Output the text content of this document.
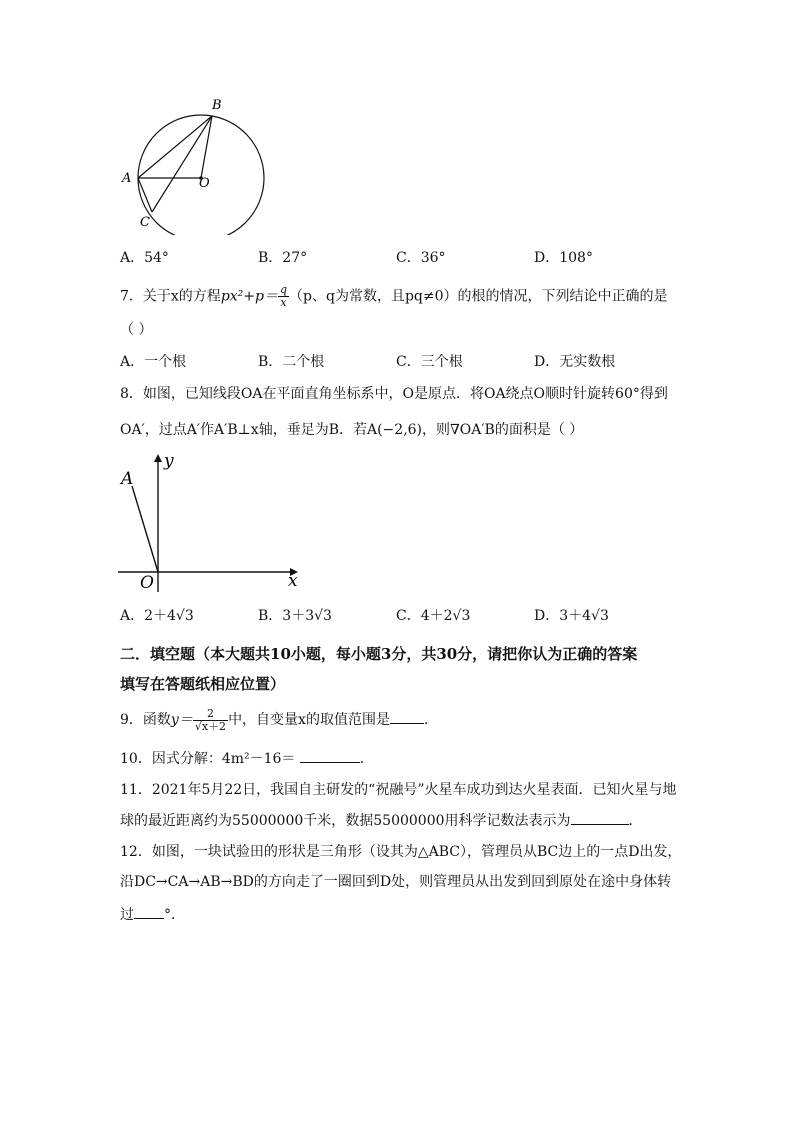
B
A	O
C
A．54°	B．27°	C．36°	D．108°
7．关于x的方程$px^2+p= \frac{q}{x} (p$、q为常数，且pq≠0）的根的情况，下列结论中正确的是
（ ）
A．一个根	B．二个根	C．三个根	D．无实数根
8．如图，已知线段OA在平面直角坐标系中，O是原点．将OA绕点O顺时针旋转60°得到
OA′，过点A′作A′B⊥x轴，垂足为B．若A(−2,6)，则∇OA′B的面积是（ ）
y
A
O	x
A．2＋4√3	B．3＋3√3	C．4＋2√3	D．3＋4√3
二．填空题（本大题共10小题，每小题3分，共30分，请把你认为正确的答案
填写在答题纸相应位置）
9．函数$y= \frac{2}{√x+2}$ 中，自变量x的取值范围是 ．
10．因式分解：4m²－16＝	．
11．2021年5月22日，我国自主研发的“祝融号”火星车成功到达火星表面．已知火星与地
球的最近距离约为55000000千米，数据55000000用科学记数法表示为	．
12．如图，一块试验田的形状是三角形（设其为△ABC），管理员从BC边上的一点D出发，
沿DC→CA→AB→BD的方向走了一圈回到D处，则管理员从出发到回到原处在途中身体转
过 °．
